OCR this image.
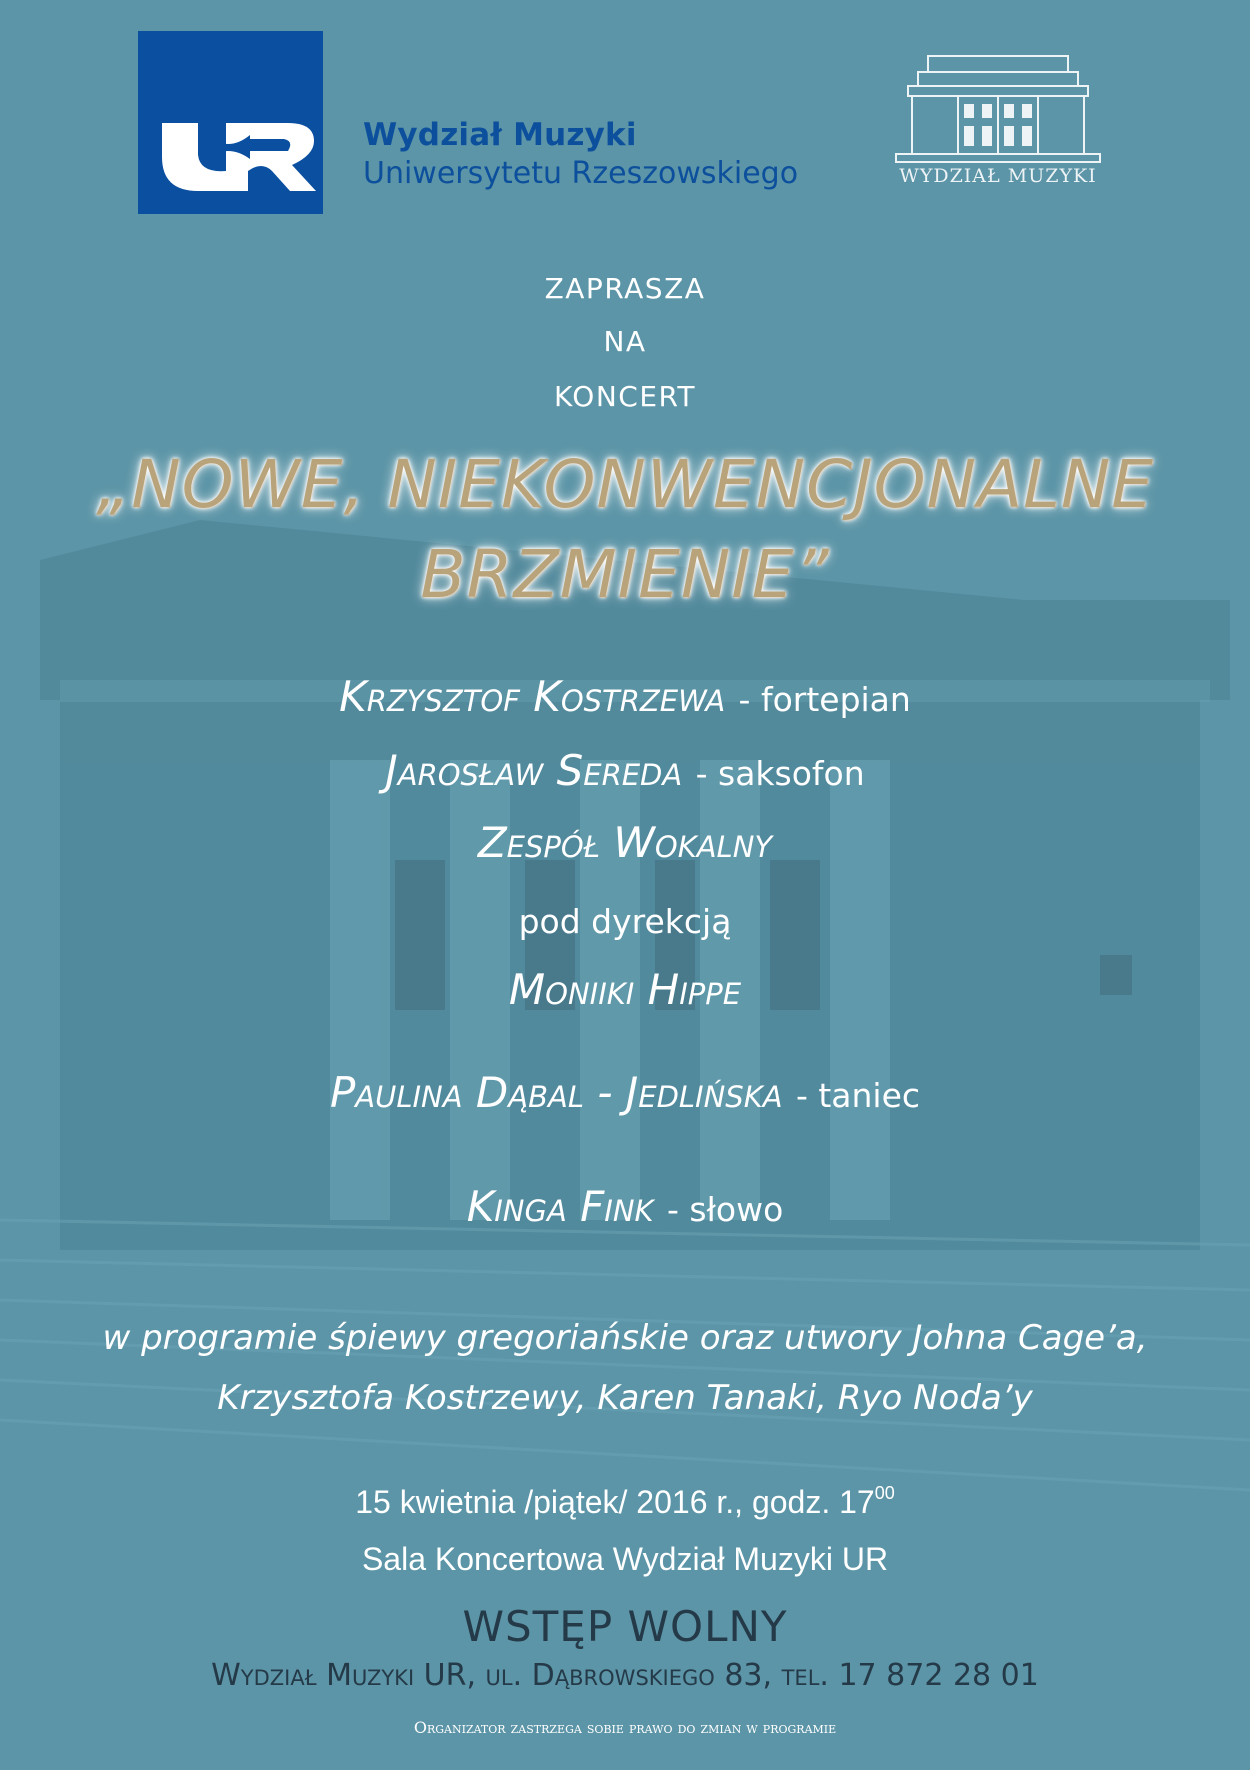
Wydział Muzyki
Uniwersytetu Rzeszowskiego	WYDZIAŁ MUZYKI
ZAPRASZA
NA
KONCERT
„NOWE, NIEKONWENCJONALNE
BRZMIENIE”
Krzysztof Kostrzewa - fortepian
Jarosław Sereda - saksofon
Zespół Wokalny
pod dyrekcją
Moniiki Hippe
Paulina Dąbal - Jedlińska - taniec
Kinga Fink - słowo
w programie śpiewy gregoriańskie oraz utwory Johna Cage’a,
Krzysztofa Kostrzewy, Karen Tanaki, Ryo Noda’y
15 kwietnia /piątek/ 2016 r., godz. $17^{00}$
Sala Koncertowa Wydział Muzyki UR
WSTĘP WOLNY
Wydział Muzyki UR, ul. Dąbrowskiego 83, tel. 17 872 28 01
Organizator zastrzega sobie prawo do zmian w programie
